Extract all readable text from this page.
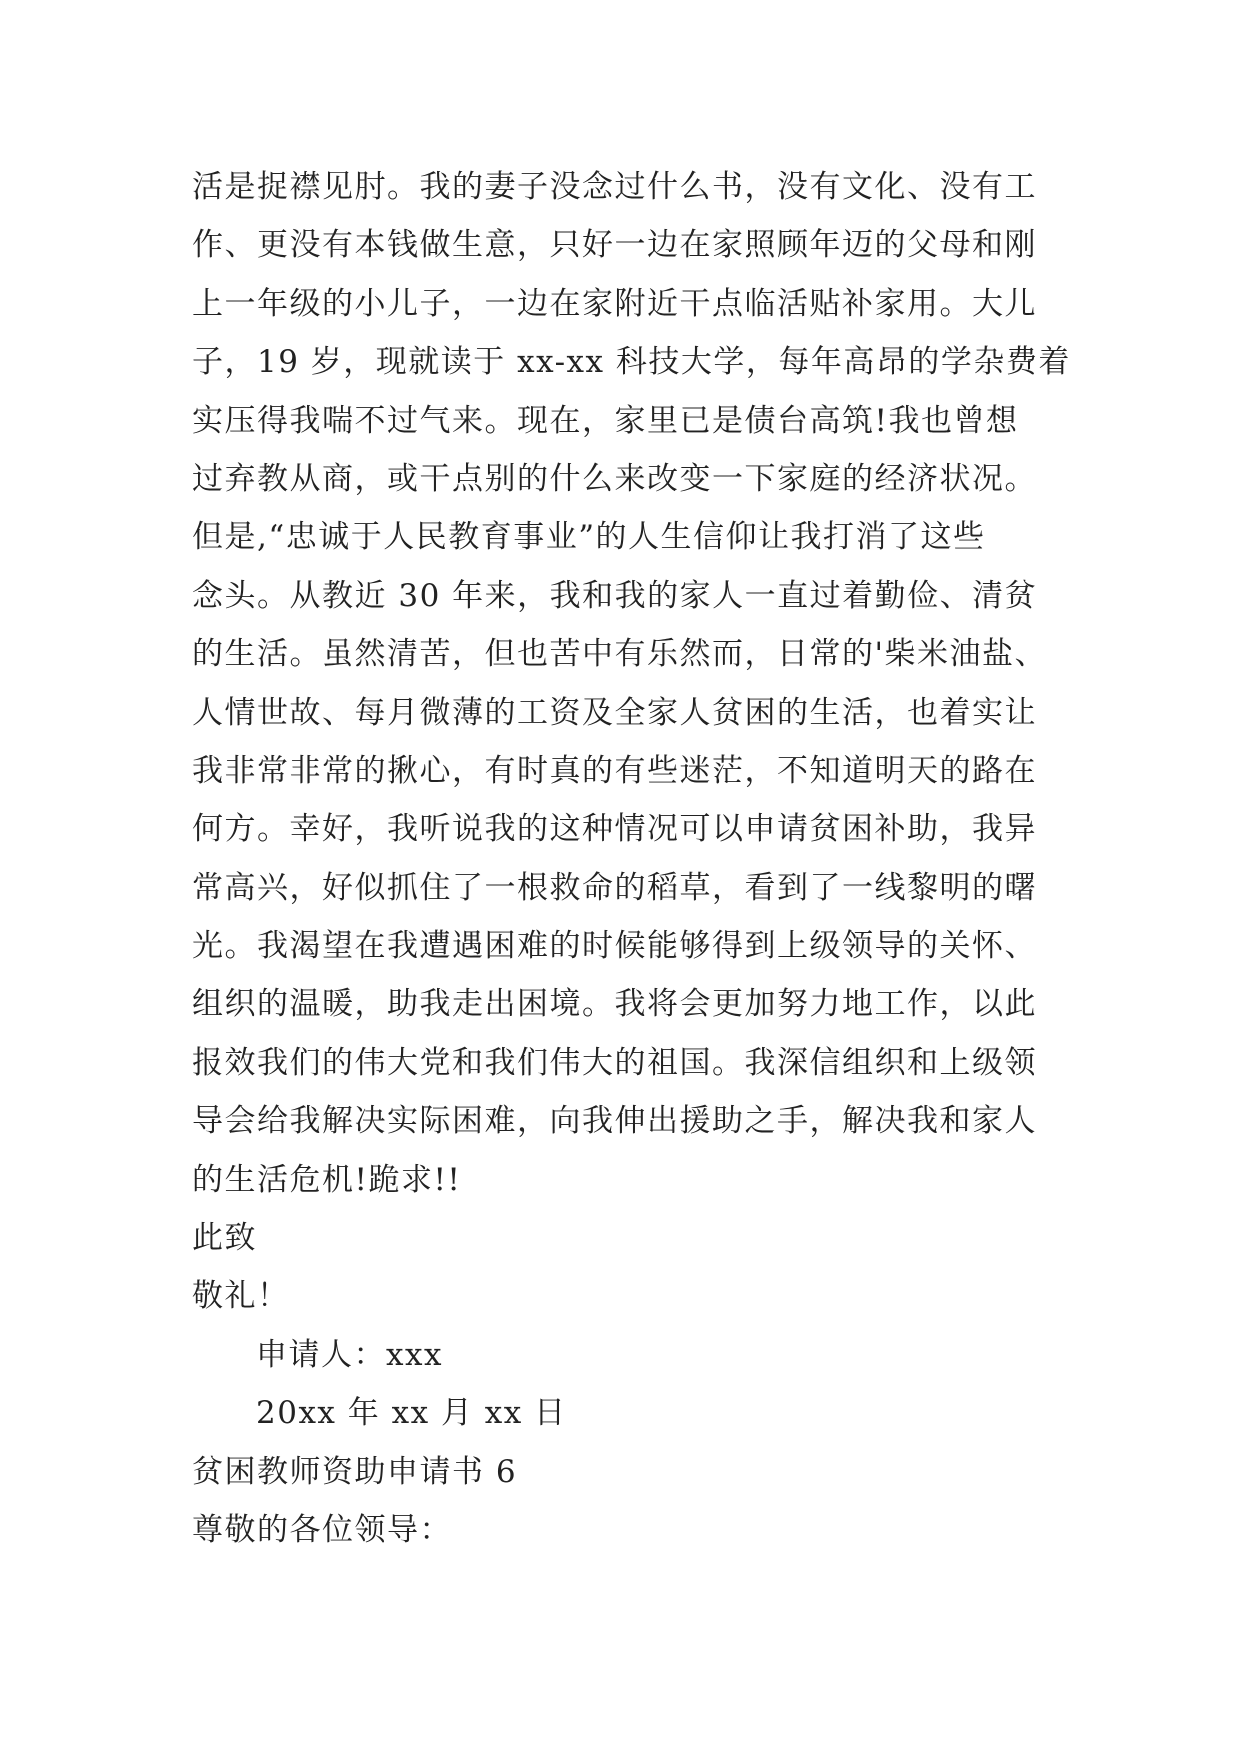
活是捉襟见肘。我的妻子没念过什么书，没有文化、没有工
作、更没有本钱做生意，只好一边在家照顾年迈的父母和刚
上一年级的小儿子，一边在家附近干点临活贴补家用。大儿
子，19 岁，现就读于 xx-xx 科技大学，每年高昂的学杂费着
实压得我喘不过气来。现在，家里已是债台高筑!我也曾想
过弃教从商，或干点别的什么来改变一下家庭的经济状况。
但是,“忠诚于人民教育事业”的人生信仰让我打消了这些
念头。从教近 30 年来，我和我的家人一直过着勤俭、清贫
的生活。虽然清苦，但也苦中有乐然而，日常的'柴米油盐、
人情世故、每月微薄的工资及全家人贫困的生活，也着实让
我非常非常的揪心，有时真的有些迷茫，不知道明天的路在
何方。幸好，我听说我的这种情况可以申请贫困补助，我异
常高兴，好似抓住了一根救命的稻草，看到了一线黎明的曙
光。我渴望在我遭遇困难的时候能够得到上级领导的关怀、
组织的温暖，助我走出困境。我将会更加努力地工作，以此
报效我们的伟大党和我们伟大的祖国。我深信组织和上级领
导会给我解决实际困难，向我伸出援助之手，解决我和家人
的生活危机!跪求!!
此致
敬礼！
申请人：xxx
20xx 年 xx 月 xx 日
贫困教师资助申请书 6
尊敬的各位领导：
